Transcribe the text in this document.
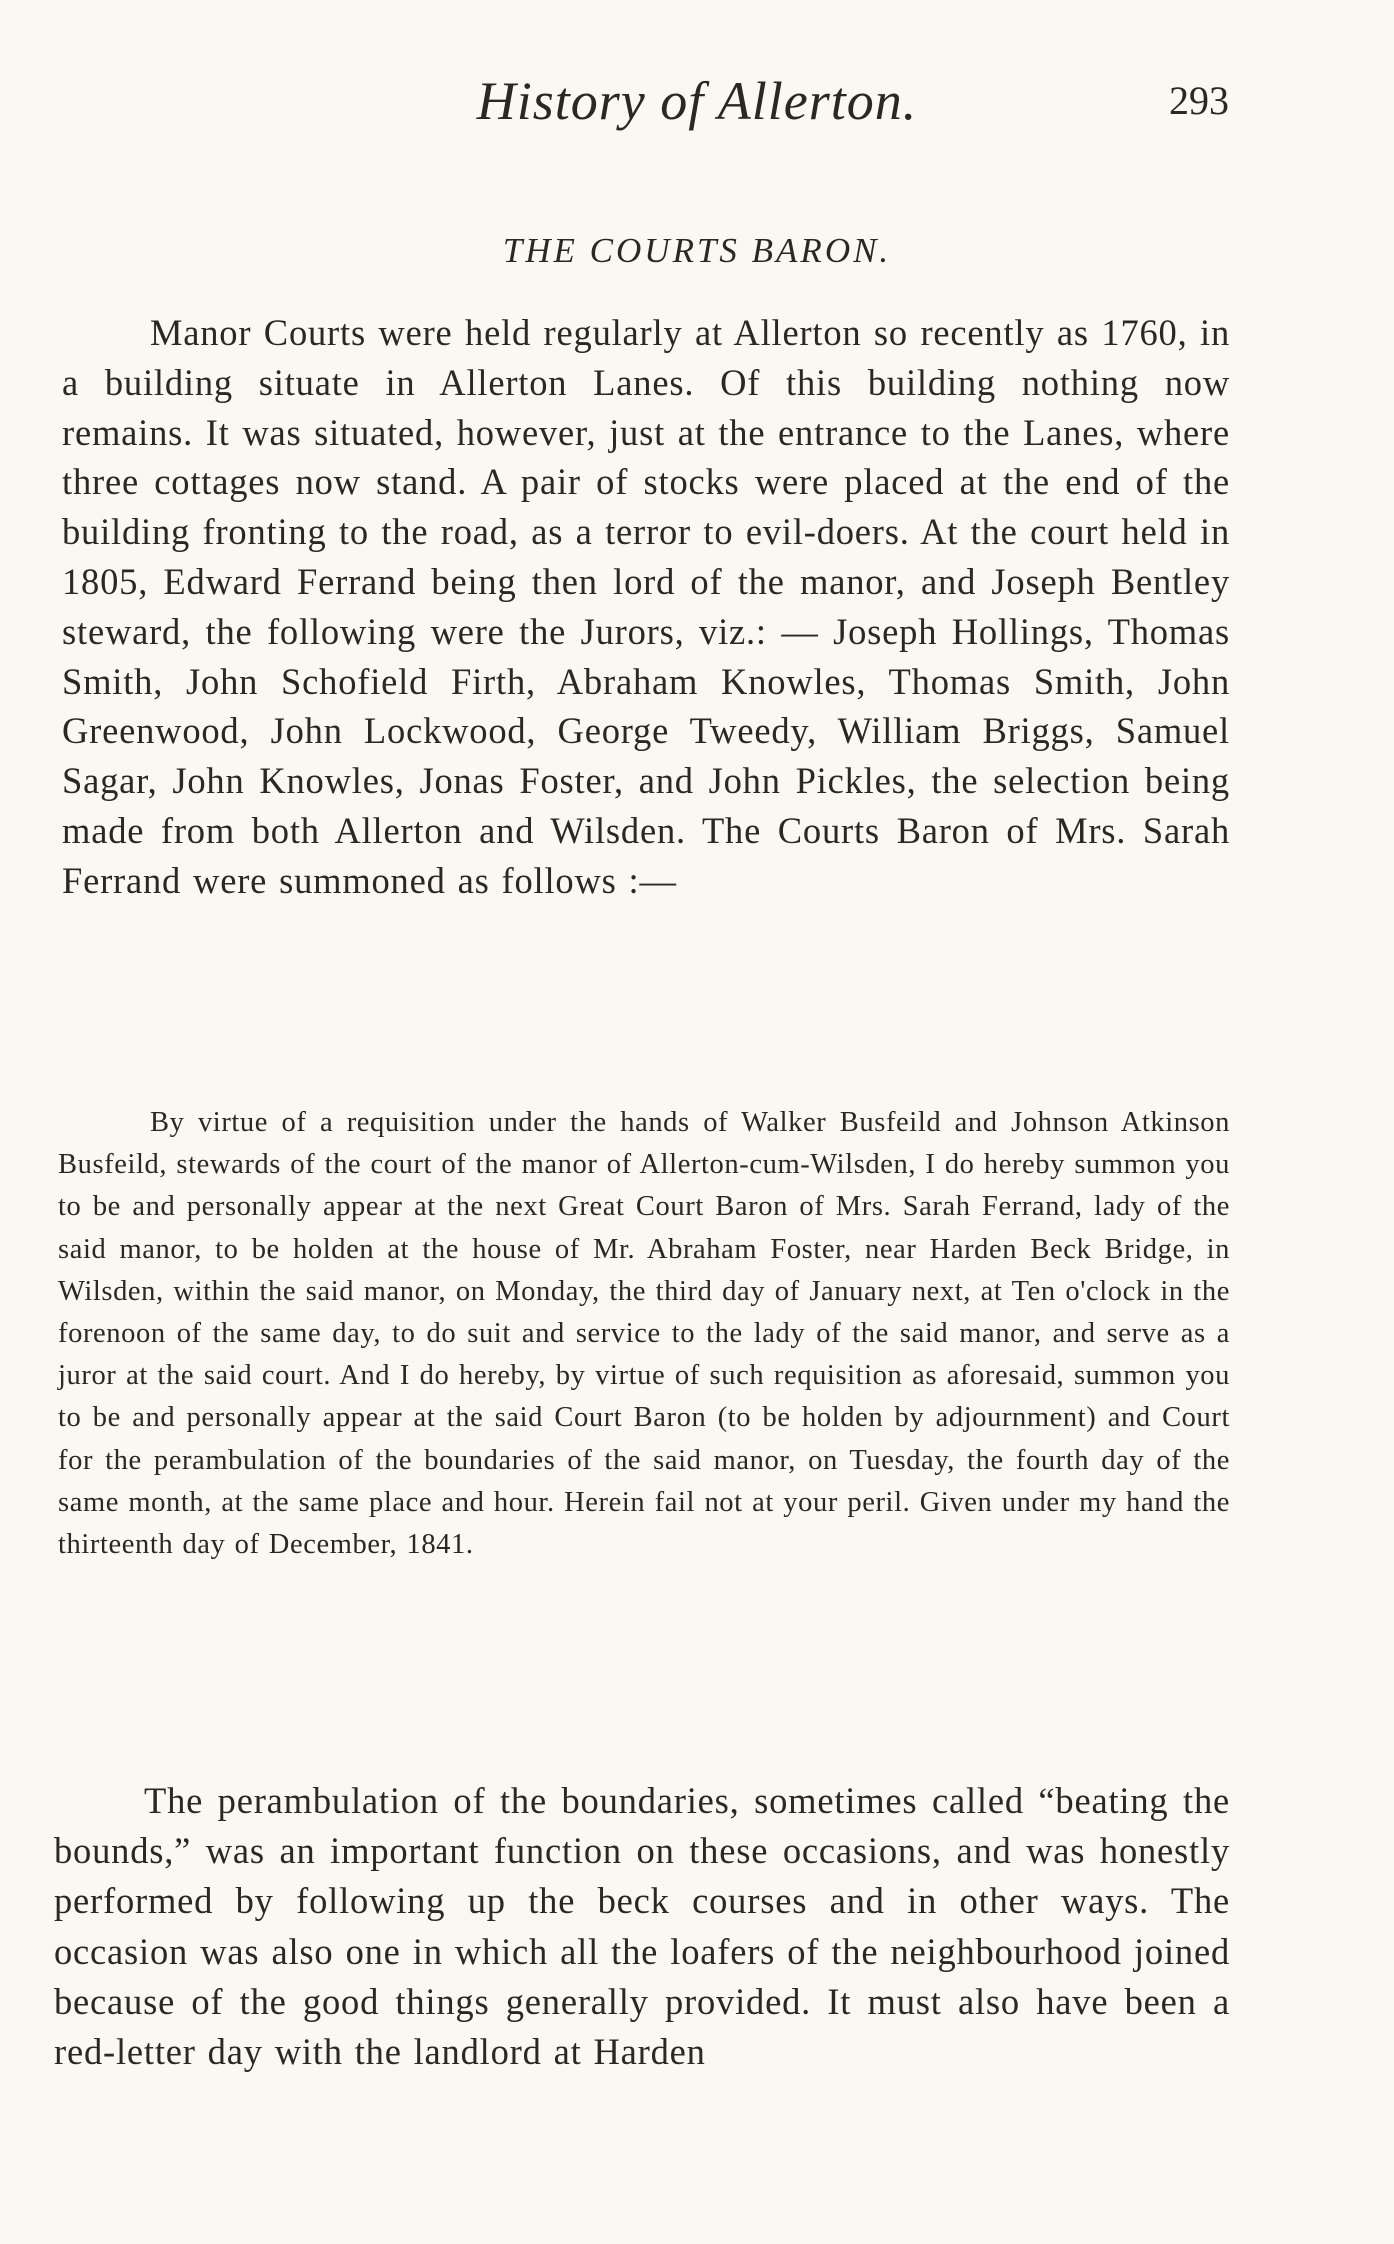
History of Allerton.	293
THE COURTS BARON.

Manor Courts were held regularly at Allerton so recently as 1760, in a building situate in Allerton Lanes. Of this building nothing now remains. It was situated, however, just at the entrance to the Lanes, where three cottages now stand. A pair of stocks were placed at the end of the building fronting to the road, as a terror to evil-doers. At the court held in 1805, Edward Ferrand being then lord of the manor, and Joseph Bentley steward, the following were the Jurors, viz.: — Joseph Hollings, Thomas Smith, John Schofield Firth, Abraham Knowles, Thomas Smith, John Greenwood, John Lockwood, George Tweedy, William Briggs, Samuel Sagar, John Knowles, Jonas Foster, and John Pickles, the selection being made from both Allerton and Wilsden. The Courts Baron of Mrs. Sarah Ferrand were summoned as follows :—

By virtue of a requisition under the hands of Walker Busfeild and Johnson Atkinson Busfeild, stewards of the court of the manor of Allerton-cum-Wilsden, I do hereby summon you to be and personally appear at the next Great Court Baron of Mrs. Sarah Ferrand, lady of the said manor, to be holden at the house of Mr. Abraham Foster, near Harden Beck Bridge, in Wilsden, within the said manor, on Monday, the third day of January next, at Ten o'clock in the forenoon of the same day, to do suit and service to the lady of the said manor, and serve as a juror at the said court. And I do hereby, by virtue of such requisition as aforesaid, summon you to be and personally appear at the said Court Baron (to be holden by adjournment) and Court for the perambulation of the boundaries of the said manor, on Tuesday, the fourth day of the same month, at the same place and hour. Herein fail not at your peril. Given under my hand the thirteenth day of December, 1841.

The perambulation of the boundaries, sometimes called “beating the bounds,” was an important function on these occasions, and was honestly performed by following up the beck courses and in other ways. The occasion was also one in which all the loafers of the neighbourhood joined because of the good things generally provided. It must also have been a red-letter day with the landlord at Harden
